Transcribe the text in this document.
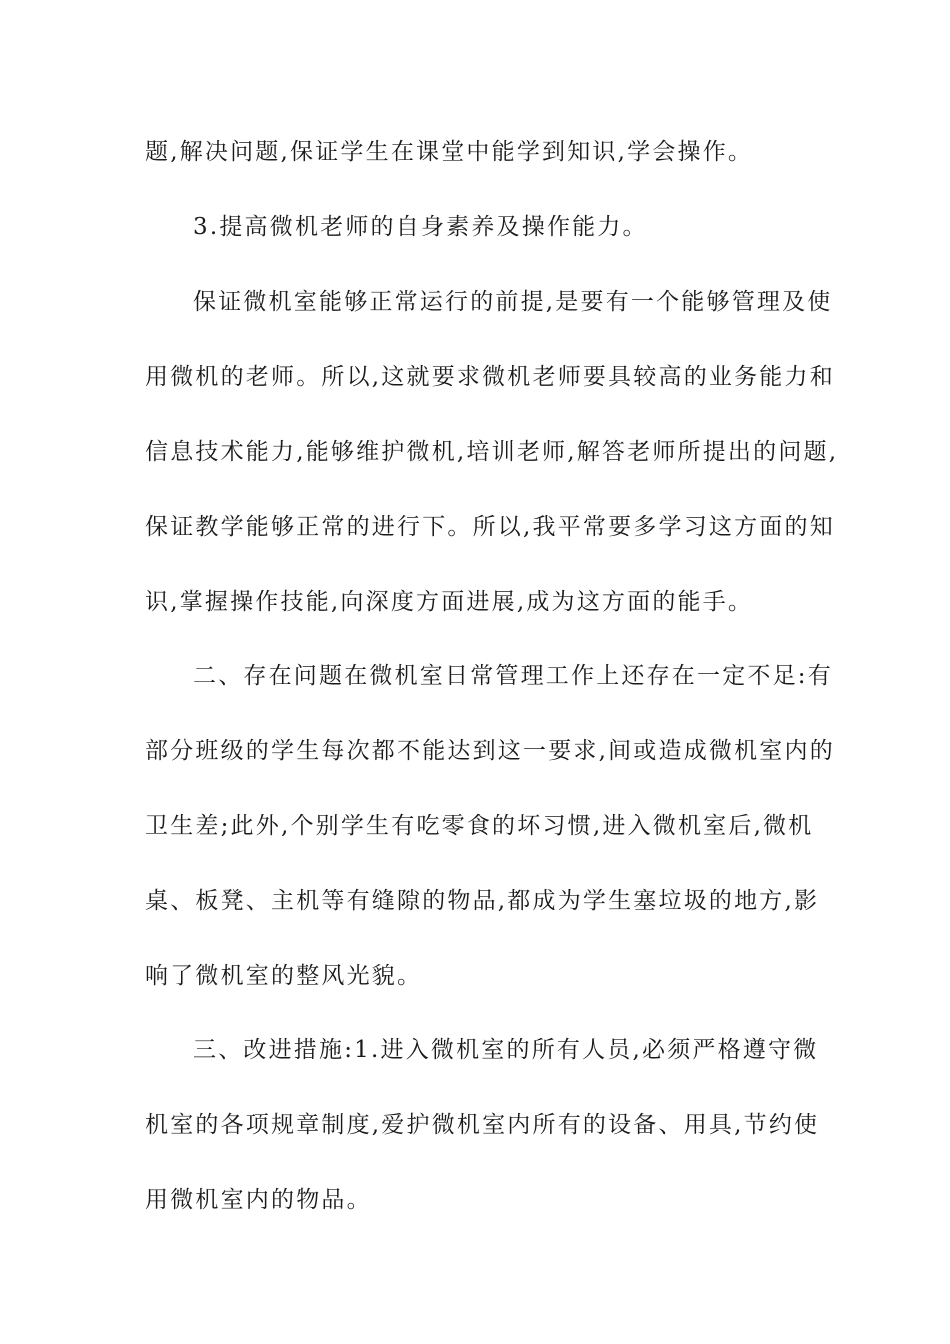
题,解决问题,保证学生在课堂中能学到知识,学会操作。
3.提高微机老师的自身素养及操作能力。
保证微机室能够正常运行的前提,是要有一个能够管理及使
用微机的老师。所以,这就要求微机老师要具较高的业务能力和
信息技术能力,能够维护微机,培训老师,解答老师所提出的问题,
保证教学能够正常的进行下。所以,我平常要多学习这方面的知
识,掌握操作技能,向深度方面进展,成为这方面的能手。
二、存在问题在微机室日常管理工作上还存在一定不足:有
部分班级的学生每次都不能达到这一要求,间或造成微机室内的
卫生差;此外,个别学生有吃零食的坏习惯,进入微机室后,微机
桌、板凳、主机等有缝隙的物品,都成为学生塞垃圾的地方,影
响了微机室的整风光貌。
三、改进措施:1.进入微机室的所有人员,必须严格遵守微
机室的各项规章制度,爱护微机室内所有的设备、用具,节约使
用微机室内的物品。
